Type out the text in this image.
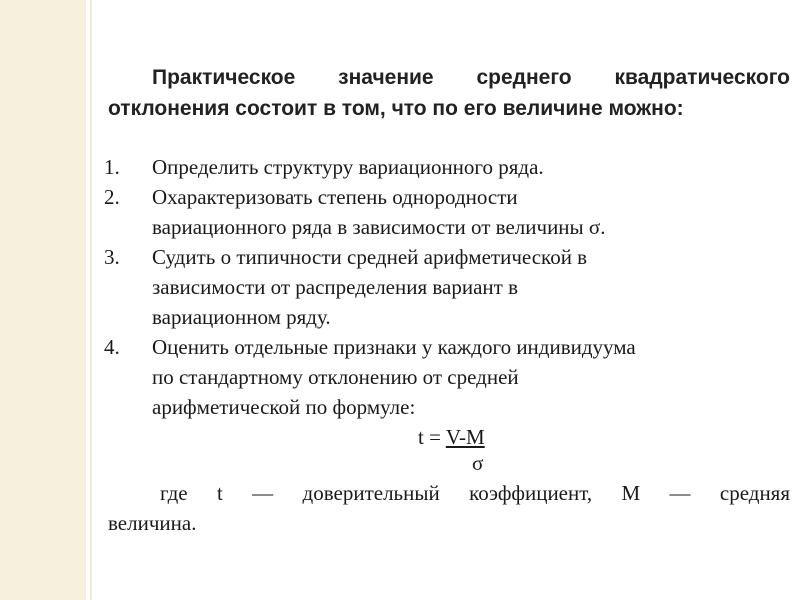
Практическое значение среднего квадратического
отклонения состоит в том, что по его величине можно:
1. Определить структуру вариационного ряда.
2. Охарактеризовать степень однородности
вариационного ряда в зависимости от величины σ.
3. Судить о типичности средней арифметической в
зависимости от распределения вариант в
вариационном ряду.
4. Оценить отдельные признаки у каждого индивидуума
по стандартному отклонению от средней
арифметической по формуле:
t = V-M
σ
где t — доверительный коэффициент, М — средняя
величина.
